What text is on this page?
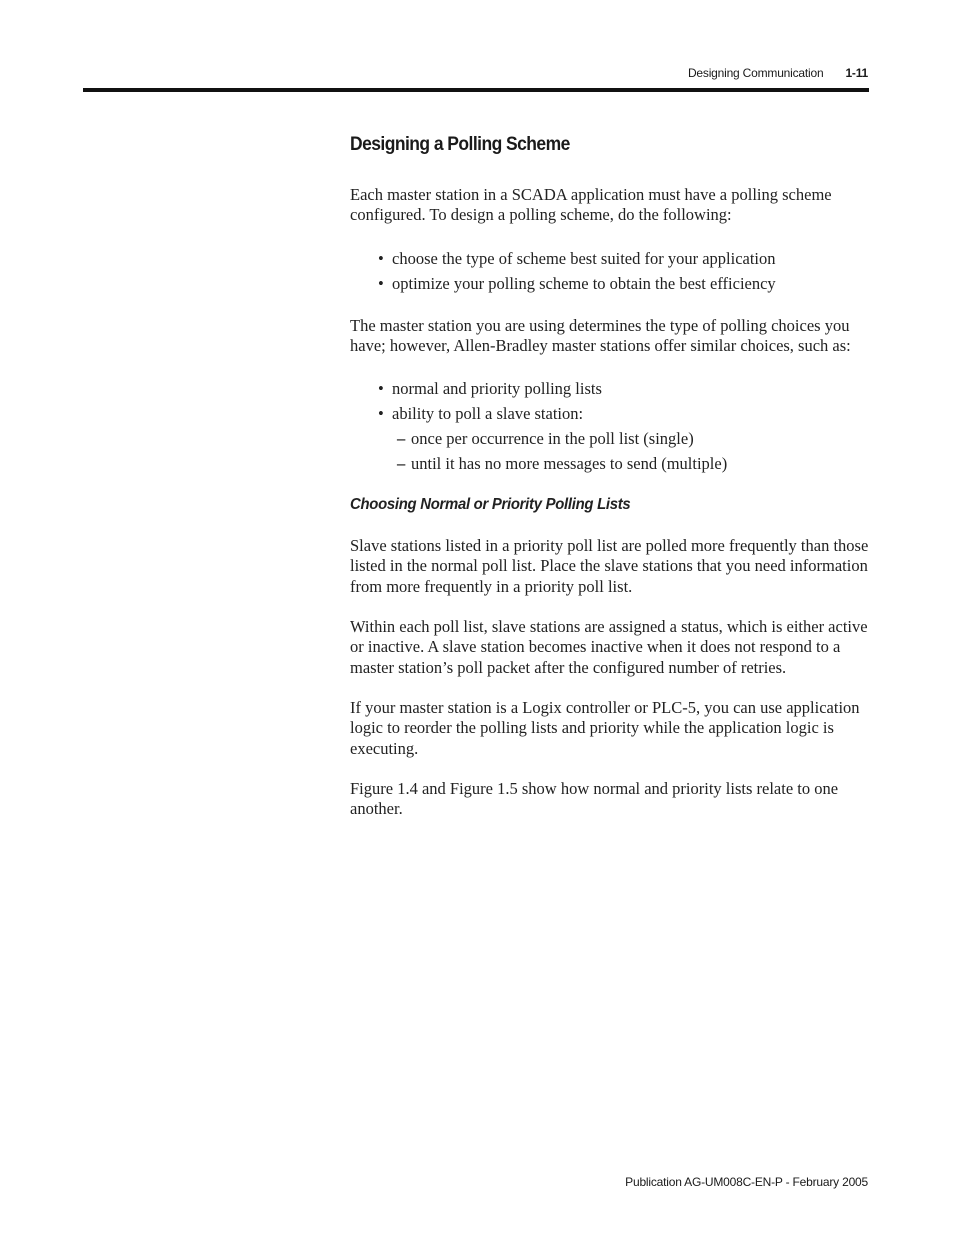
Designing Communication 1-11
Designing a Polling Scheme

Each master station in a SCADA application must have a polling scheme configured. To design a polling scheme, do the following:

• choose the type of scheme best suited for your application
• optimize your polling scheme to obtain the best efficiency

The master station you are using determines the type of polling choices you have; however, Allen-Bradley master stations offer similar choices, such as:

• normal and priority polling lists
• ability to poll a slave station:
– once per occurrence in the poll list (single)
– until it has no more messages to send (multiple)
Choosing Normal or Priority Polling Lists

Slave stations listed in a priority poll list are polled more frequently than those listed in the normal poll list. Place the slave stations that you need information from more frequently in a priority poll list.

Within each poll list, slave stations are assigned a status, which is either active or inactive. A slave station becomes inactive when it does not respond to a master station’s poll packet after the configured number of retries.

If your master station is a Logix controller or PLC-5, you can use application logic to reorder the polling lists and priority while the application logic is executing.

Figure 1.4 and Figure 1.5 show how normal and priority lists relate to one another.

Publication AG-UM008C-EN-P - February 2005
